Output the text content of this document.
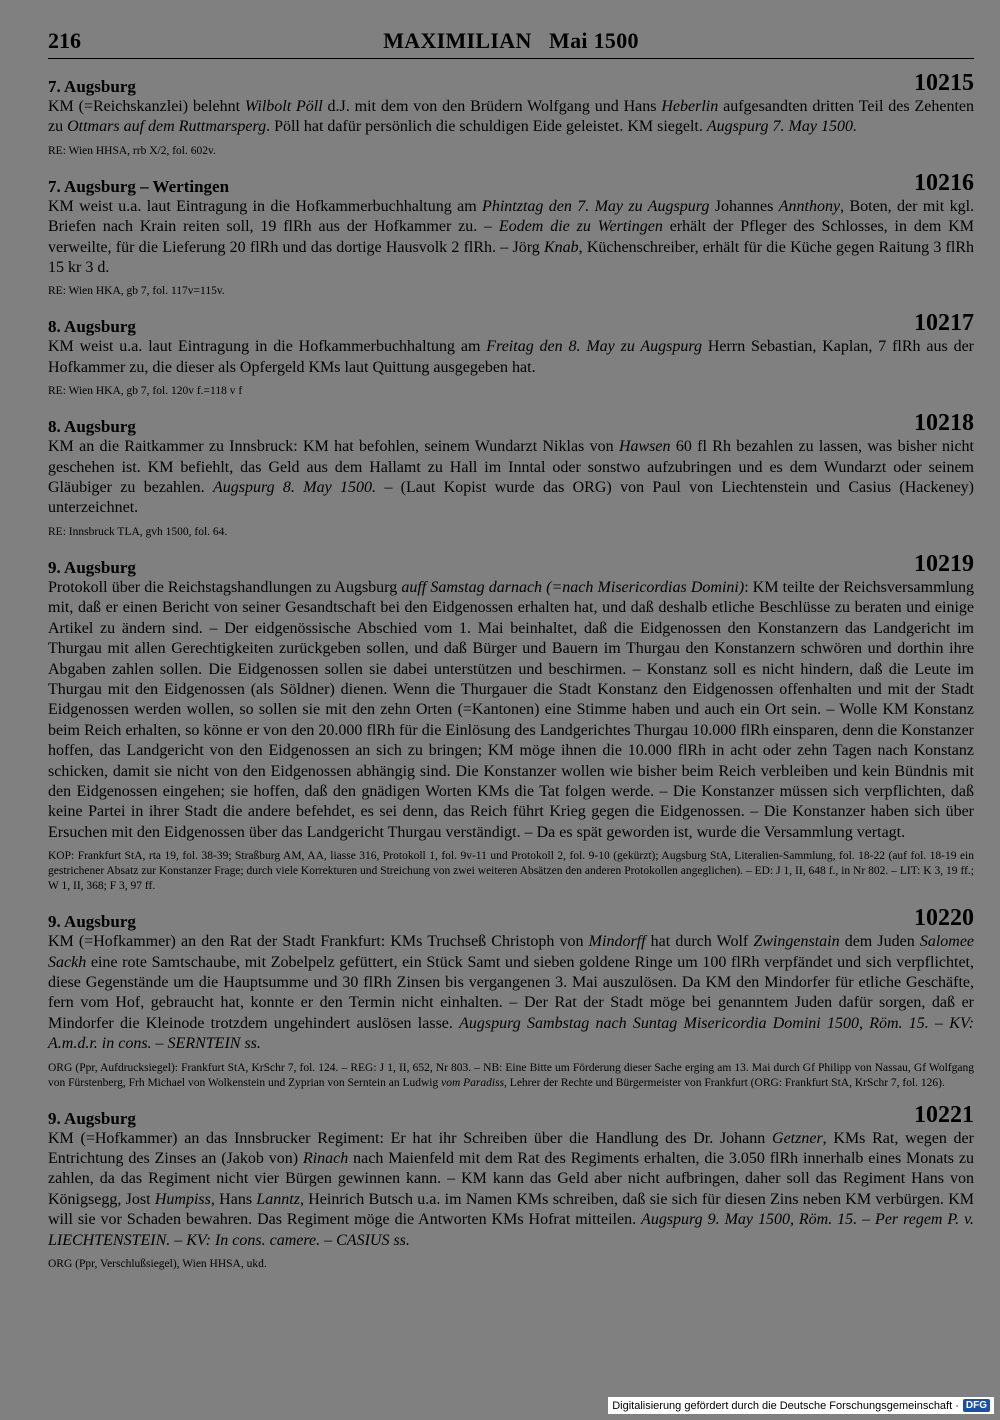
216	MAXIMILIAN   Mai 1500
7. Augsburg	10215
KM (=Reichskanzlei) belehnt Wilbolt Pöll d.J. mit dem von den Brüdern Wolfgang und Hans Heberlin aufgesandten dritten Teil des Zehenten zu Ottmars auf dem Ruttmarsperg. Pöll hat dafür persönlich die schuldigen Eide geleistet. KM siegelt. Augspurg 7. May 1500.
RE: Wien HHSA, rrb X/2, fol. 602v.
7. Augsburg – Wertingen	10216
KM weist u.a. laut Eintragung in die Hofkammerbuchhaltung am Phintztag den 7. May zu Augspurg Johannes Annthony, Boten, der mit kgl. Briefen nach Krain reiten soll, 19 flRh aus der Hofkammer zu. – Eodem die zu Wertingen erhält der Pfleger des Schlosses, in dem KM verweilte, für die Lieferung 20 flRh und das dortige Hausvolk 2 flRh. – Jörg Knab, Küchenschreiber, erhält für die Küche gegen Raitung 3 flRh 15 kr 3 d.
RE: Wien HKA, gb 7, fol. 117v=115v.
8. Augsburg	10217
KM weist u.a. laut Eintragung in die Hofkammerbuchhaltung am Freitag den 8. May zu Augspurg Herrn Sebastian, Kaplan, 7 flRh aus der Hofkammer zu, die dieser als Opfergeld KMs laut Quittung ausgegeben hat.
RE: Wien HKA, gb 7, fol. 120v f.=118 v f
8. Augsburg	10218
KM an die Raitkammer zu Innsbruck: KM hat befohlen, seinem Wundarzt Niklas von Hawsen 60 fl Rh bezahlen zu lassen, was bisher nicht geschehen ist. KM befiehlt, das Geld aus dem Hallamt zu Hall im Inntal oder sonstwo aufzubringen und es dem Wundarzt oder seinem Gläubiger zu bezahlen. Augspurg 8. May 1500. – (Laut Kopist wurde das ORG) von Paul von Liechtenstein und Casius (Hackeney) unterzeichnet.
RE: Innsbruck TLA, gvh 1500, fol. 64.
9. Augsburg	10219
Protokoll über die Reichstagshandlungen zu Augsburg auff Samstag darnach (=nach Misericordias Domini): KM teilte der Reichsversammlung mit, daß er einen Bericht von seiner Gesandtschaft bei den Eidgenossen erhalten hat, und daß deshalb etliche Beschlüsse zu beraten und einige Artikel zu ändern sind. – Der eidgenössische Abschied vom 1. Mai beinhaltet, daß die Eidgenossen den Konstanzern das Landgericht im Thurgau mit allen Gerechtigkeiten zurückgeben sollen, und daß Bürger und Bauern im Thurgau den Konstanzern schwören und dorthin ihre Abgaben zahlen sollen. Die Eidgenossen sollen sie dabei unterstützen und beschirmen. – Konstanz soll es nicht hindern, daß die Leute im Thurgau mit den Eidgenossen (als Söldner) dienen. Wenn die Thurgauer die Stadt Konstanz den Eidgenossen offenhalten und mit der Stadt Eidgenossen werden wollen, so sollen sie mit den zehn Orten (=Kantonen) eine Stimme haben und auch ein Ort sein. – Wolle KM Konstanz beim Reich erhalten, so könne er von den 20.000 flRh für die Einlösung des Landgerichtes Thurgau 10.000 flRh einsparen, denn die Konstanzer hoffen, das Landgericht von den Eidgenossen an sich zu bringen; KM möge ihnen die 10.000 flRh in acht oder zehn Tagen nach Konstanz schicken, damit sie nicht von den Eidgenossen abhängig sind. Die Konstanzer wollen wie bisher beim Reich verbleiben und kein Bündnis mit den Eidgenossen eingehen; sie hoffen, daß den gnädigen Worten KMs die Tat folgen werde. – Die Konstanzer müssen sich verpflichten, daß keine Partei in ihrer Stadt die andere befehdet, es sei denn, das Reich führt Krieg gegen die Eidgenossen. – Die Konstanzer haben sich über Ersuchen mit den Eidgenossen über das Landgericht Thurgau verständigt. – Da es spät geworden ist, wurde die Versammlung vertagt.
KOP: Frankfurt StA, rta 19, fol. 38-39; Straßburg AM, AA, liasse 316, Protokoll 1, fol. 9v-11 und Protokoll 2, fol. 9-10 (gekürzt); Augsburg StA, Literalien-Sammlung, fol. 18-22 (auf fol. 18-19 ein gestrichener Absatz zur Konstanzer Frage; durch viele Korrekturen und Streichung von zwei weiteren Absätzen den anderen Protokollen angeglichen). – ED: J 1, II, 648 f., in Nr 802. – LIT: K 3, 19 ff.; W 1, II, 368; F 3, 97 ff.
9. Augsburg	10220
KM (=Hofkammer) an den Rat der Stadt Frankfurt: KMs Truchseß Christoph von Mindorff hat durch Wolf Zwingenstain dem Juden Salomee Sackh eine rote Samtschaube, mit Zobelpelz gefüttert, ein Stück Samt und sieben goldene Ringe um 100 flRh verpfändet und sich verpflichtet, diese Gegenstände um die Hauptsumme und 30 flRh Zinsen bis vergangenen 3. Mai auszulösen. Da KM den Mindorfer für etliche Geschäfte, fern vom Hof, gebraucht hat, konnte er den Termin nicht einhalten. – Der Rat der Stadt möge bei genanntem Juden dafür sorgen, daß er Mindorfer die Kleinode trotzdem ungehindert auslösen lasse. Augspurg Sambstag nach Suntag Misericordia Domini 1500, Röm. 15. – KV: A.m.d.r. in cons. – SERNTEIN ss.
ORG (Ppr, Aufdrucksiegel): Frankfurt StA, KrSchr 7, fol. 124. – REG: J 1, II, 652, Nr 803. – NB: Eine Bitte um Förderung dieser Sache erging am 13. Mai durch Gf Philipp von Nassau, Gf Wolfgang von Fürstenberg, Frh Michael von Wolkenstein und Zyprian von Serntein an Ludwig vom Paradiss, Lehrer der Rechte und Bürgermeister von Frankfurt (ORG: Frankfurt StA, KrSchr 7, fol. 126).
9. Augsburg	10221
KM (=Hofkammer) an das Innsbrucker Regiment: Er hat ihr Schreiben über die Handlung des Dr. Johann Getzner, KMs Rat, wegen der Entrichtung des Zinses an (Jakob von) Rinach nach Maienfeld mit dem Rat des Regiments erhalten, die 3.050 flRh innerhalb eines Monats zu zahlen, da das Regiment nicht vier Bürgen gewinnen kann. – KM kann das Geld aber nicht aufbringen, daher soll das Regiment Hans von Königsegg, Jost Humpiss, Hans Lanntz, Heinrich Butsch u.a. im Namen KMs schreiben, daß sie sich für diesen Zins neben KM verbürgen. KM will sie vor Schaden bewahren. Das Regiment möge die Antworten KMs Hofrat mitteilen. Augspurg 9. May 1500, Röm. 15. – Per regem P. v. LIECHTENSTEIN. – KV: In cons. camere. – CASIUS ss.
ORG (Ppr, Verschlußsiegel), Wien HHSA, ukd.
Digitalisierung gefördert durch die Deutsche Forschungsgemeinschaft · DFG
